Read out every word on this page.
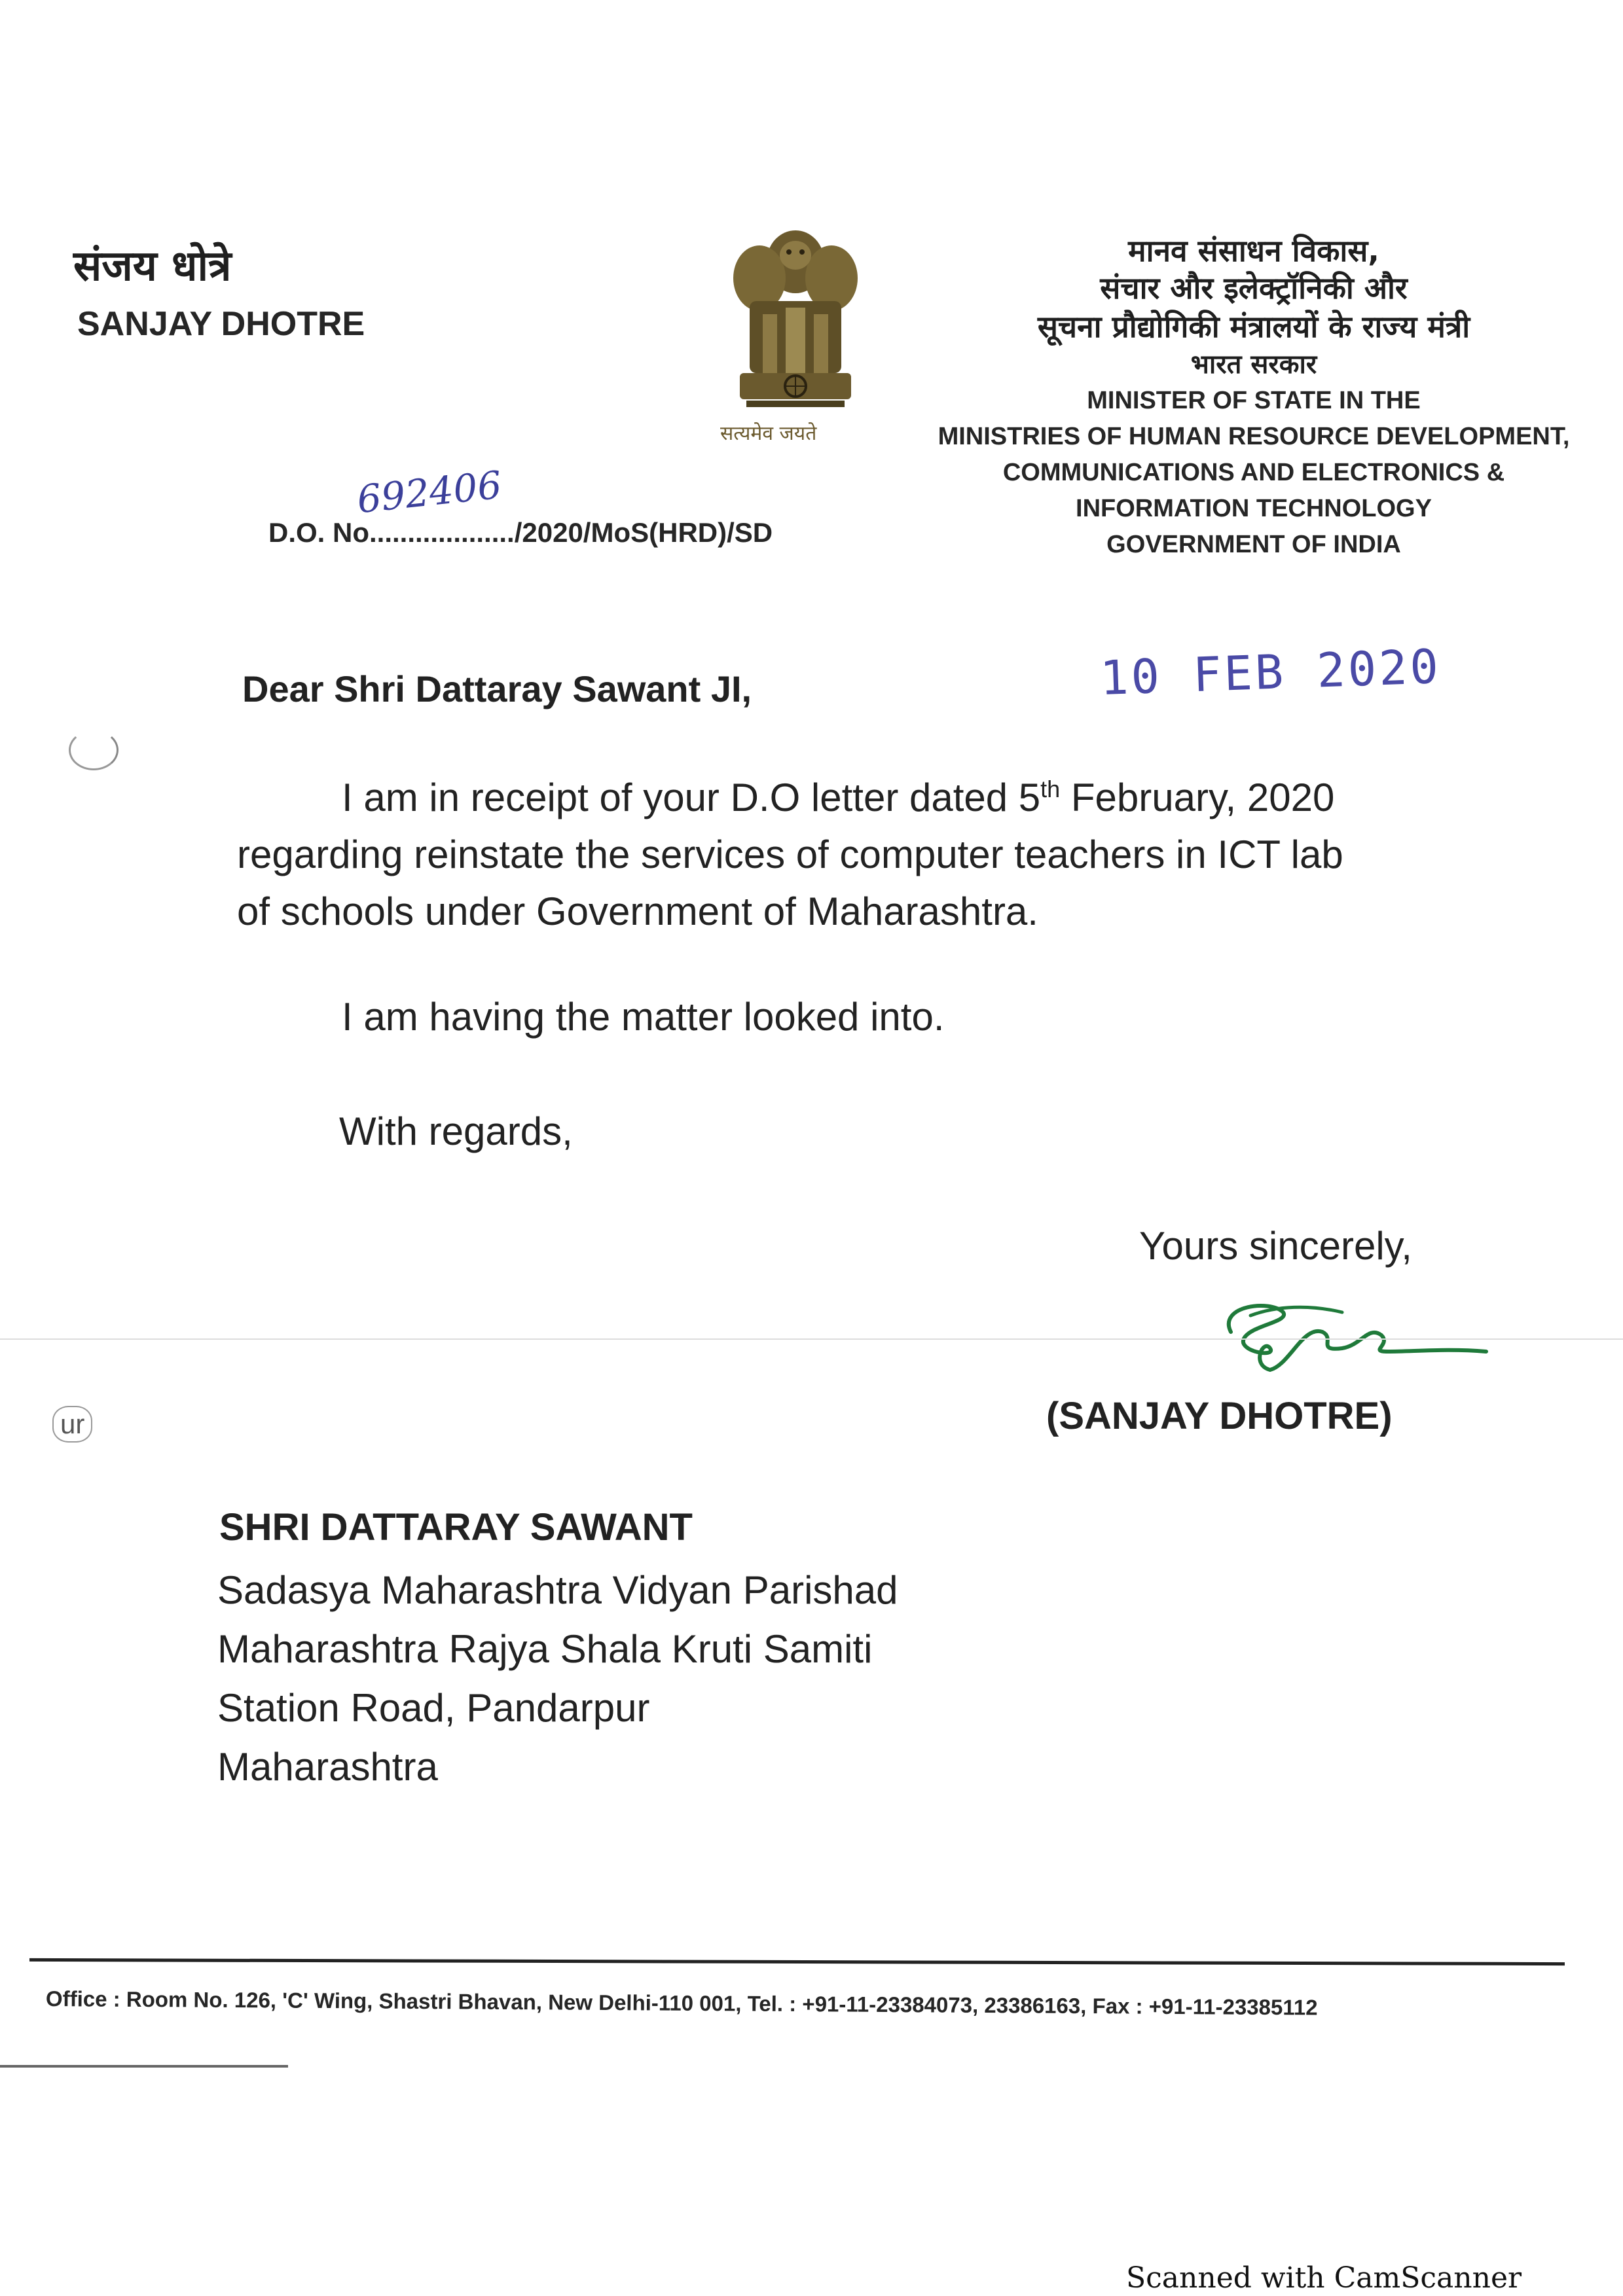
संजय धोत्रे
SANJAY DHOTRE
सत्यमेव जयते
मानव संसाधन विकास,
संचार और इलेक्ट्रॉनिकी और
सूचना प्रौद्योगिकी मंत्रालयों के राज्य मंत्री
भारत सरकार
MINISTER OF STATE IN THE
MINISTRIES OF HUMAN RESOURCE DEVELOPMENT,
COMMUNICATIONS AND ELECTRONICS &
INFORMATION TECHNOLOGY
GOVERNMENT OF INDIA
692406
D.O. No.................../2020/MoS(HRD)/SD
10 FEB 2020
Dear Shri Dattaray Sawant JI,
I am in receipt of your D.O letter dated 5th February, 2020
regarding reinstate the services of computer teachers in ICT lab
of schools under Government of Maharashtra.
I am having the matter looked into.
With regards,
Yours sincerely,
(SANJAY DHOTRE)
ur
SHRI DATTARAY SAWANT
Sadasya Maharashtra Vidyan Parishad
Maharashtra Rajya Shala Kruti Samiti
Station Road, Pandarpur
Maharashtra
Office : Room No. 126, 'C' Wing, Shastri Bhavan, New Delhi-110 001, Tel. : +91-11-23384073, 23386163, Fax : +91-11-23385112
Scanned with CamScanner
